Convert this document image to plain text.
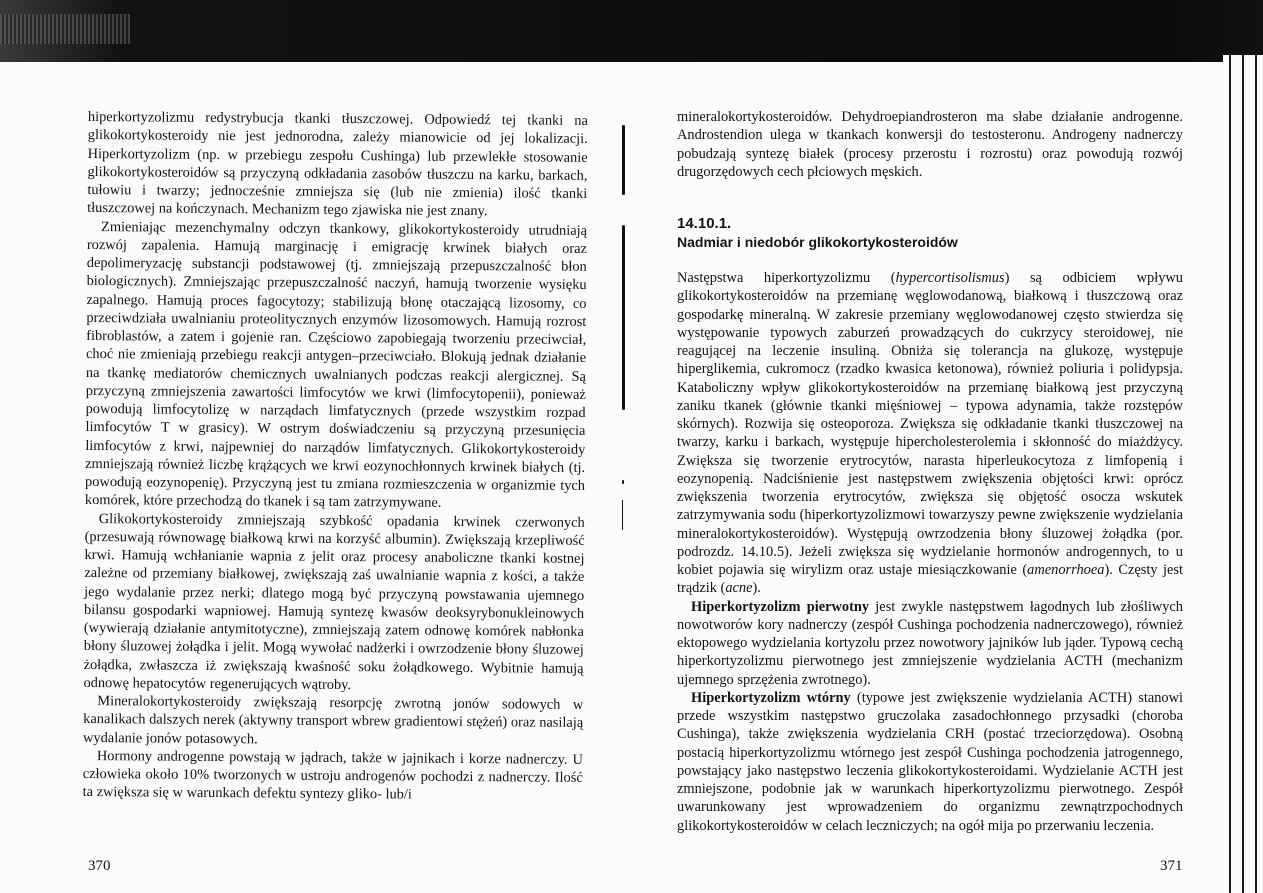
hiperkortyzolizmu redystrybucja tkanki tłuszczowej. Odpowiedź tej tkanki na glikokortykosteroidy nie jest jednorodna, zależy mianowicie od jej lokalizacji. Hiperkortyzolizm (np. w przebiegu zespołu Cushinga) lub przewlekłe stosowanie glikokortykosteroidów są przyczyną odkładania zasobów tłuszczu na karku, barkach, tułowiu i twarzy; jednocześnie zmniejsza się (lub nie zmienia) ilość tkanki tłuszczowej na kończynach. Mechanizm tego zjawiska nie jest znany.

Zmieniając mezenchymalny odczyn tkankowy, glikokortykosteroidy utrudniają rozwój zapalenia. Hamują marginację i emigrację krwinek białych oraz depolimeryzację substancji podstawowej (tj. zmniejszają przepuszczalność błon biologicznych). Zmniejszając przepuszczalność naczyń, hamują tworzenie wysięku zapalnego. Hamują proces fagocytozy; stabilizują błonę otaczającą lizosomy, co przeciwdziała uwalnianiu proteolitycznych enzymów lizosomowych. Hamują rozrost fibroblastów, a zatem i gojenie ran. Częściowo zapobiegają tworzeniu przeciwciał, choć nie zmieniają przebiegu reakcji antygen–przeciwciało. Blokują jednak działanie na tkankę mediatorów chemicznych uwalnianych podczas reakcji alergicznej. Są przyczyną zmniejszenia zawartości limfocytów we krwi (limfocytopenii), ponieważ powodują limfocytolizę w narządach limfatycznych (przede wszystkim rozpad limfocytów T w grasicy). W ostrym doświadczeniu są przyczyną przesunięcia limfocytów z krwi, najpewniej do narządów limfatycznych. Glikokortykosteroidy zmniejszają również liczbę krążących we krwi eozynochłonnych krwinek białych (tj. powodują eozynopenię). Przyczyną jest tu zmiana rozmieszczenia w organizmie tych komórek, które przechodzą do tkanek i są tam zatrzymywane.

Glikokortykosteroidy zmniejszają szybkość opadania krwinek czerwonych (przesuwają równowagę białkową krwi na korzyść albumin). Zwiększają krzepliwość krwi. Hamują wchłanianie wapnia z jelit oraz procesy anaboliczne tkanki kostnej zależne od przemiany białkowej, zwiększają zaś uwalnianie wapnia z kości, a także jego wydalanie przez nerki; dlatego mogą być przyczyną powstawania ujemnego bilansu gospodarki wapniowej. Hamują syntezę kwasów deoksyrybonukleinowych (wywierają działanie antymitotyczne), zmniejszają zatem odnowę komórek nabłonka błony śluzowej żołądka i jelit. Mogą wywołać nadżerki i owrzodzenie błony śluzowej żołądka, zwłaszcza iż zwiększają kwaśność soku żołądkowego. Wybitnie hamują odnowę hepatocytów regenerujących wątroby.

Mineralokortykosteroidy zwiększają resorpcję zwrotną jonów sodowych w kanalikach dalszych nerek (aktywny transport wbrew gradientowi stężeń) oraz nasilają wydalanie jonów potasowych.

Hormony androgenne powstają w jądrach, także w jajnikach i korze nadnerczy. U człowieka około 10% tworzonych w ustroju androgenów pochodzi z nadnerczy. Ilość ta zwiększa się w warunkach defektu syntezy gliko- lub/i

370

mineralokortykosteroidów. Dehydroepiandrosteron ma słabe działanie androgenne. Androstendion ulega w tkankach konwersji do testosteronu. Androgeny nadnerczy pobudzają syntezę białek (procesy przerostu i rozrostu) oraz powodują rozwój drugorzędowych cech płciowych męskich.

14.10.1.
Nadmiar i niedobór glikokortykosteroidów

Następstwa hiperkortyzolizmu (hypercortisolismus) są odbiciem wpływu glikokortykosteroidów na przemianę węglowodanową, białkową i tłuszczową oraz gospodarkę mineralną. W zakresie przemiany węglowodanowej często stwierdza się występowanie typowych zaburzeń prowadzących do cukrzycy steroidowej, nie reagującej na leczenie insuliną. Obniża się tolerancja na glukozę, występuje hiperglikemia, cukromocz (rzadko kwasica ketonowa), również poliuria i polidypsja. Kataboliczny wpływ glikokortykosteroidów na przemianę białkową jest przyczyną zaniku tkanek (głównie tkanki mięśniowej – typowa adynamia, także rozstępów skórnych). Rozwija się osteoporoza. Zwiększa się odkładanie tkanki tłuszczowej na twarzy, karku i barkach, występuje hipercholesterolemia i skłonność do miażdżycy. Zwiększa się tworzenie erytrocytów, narasta hiperleukocytoza z limfopenią i eozynopenią. Nadciśnienie jest następstwem zwiększenia objętości krwi: oprócz zwiększenia tworzenia erytrocytów, zwiększa się objętość osocza wskutek zatrzymywania sodu (hiperkortyzolizmowi towarzyszy pewne zwiększenie wydzielania mineralokortykosteroidów). Występują owrzodzenia błony śluzowej żołądka (por. podrozdz. 14.10.5). Jeżeli zwiększa się wydzielanie hormonów androgennych, to u kobiet pojawia się wirylizm oraz ustaje miesiączkowanie (amenorrhoea). Częsty jest trądzik (acne).

Hiperkortyzolizm pierwotny jest zwykle następstwem łagodnych lub złośliwych nowotworów kory nadnerczy (zespół Cushinga pochodzenia nadnerczowego), również ektopowego wydzielania kortyzolu przez nowotwory jajników lub jąder. Typową cechą hiperkortyzolizmu pierwotnego jest zmniejszenie wydzielania ACTH (mechanizm ujemnego sprzężenia zwrotnego).

Hiperkortyzolizm wtórny (typowe jest zwiększenie wydzielania ACTH) stanowi przede wszystkim następstwo gruczolaka zasadochłonnego przysadki (choroba Cushinga), także zwiększenia wydzielania CRH (postać trzeciorzędowa). Osobną postacią hiperkortyzolizmu wtórnego jest zespół Cushinga pochodzenia jatrogennego, powstający jako następstwo leczenia glikokortykosteroidami. Wydzielanie ACTH jest zmniejszone, podobnie jak w warunkach hiperkortyzolizmu pierwotnego. Zespół uwarunkowany jest wprowadzeniem do organizmu zewnątrzpochodnych glikokortykosteroidów w celach leczniczych; na ogół mija po przerwaniu leczenia.

371
